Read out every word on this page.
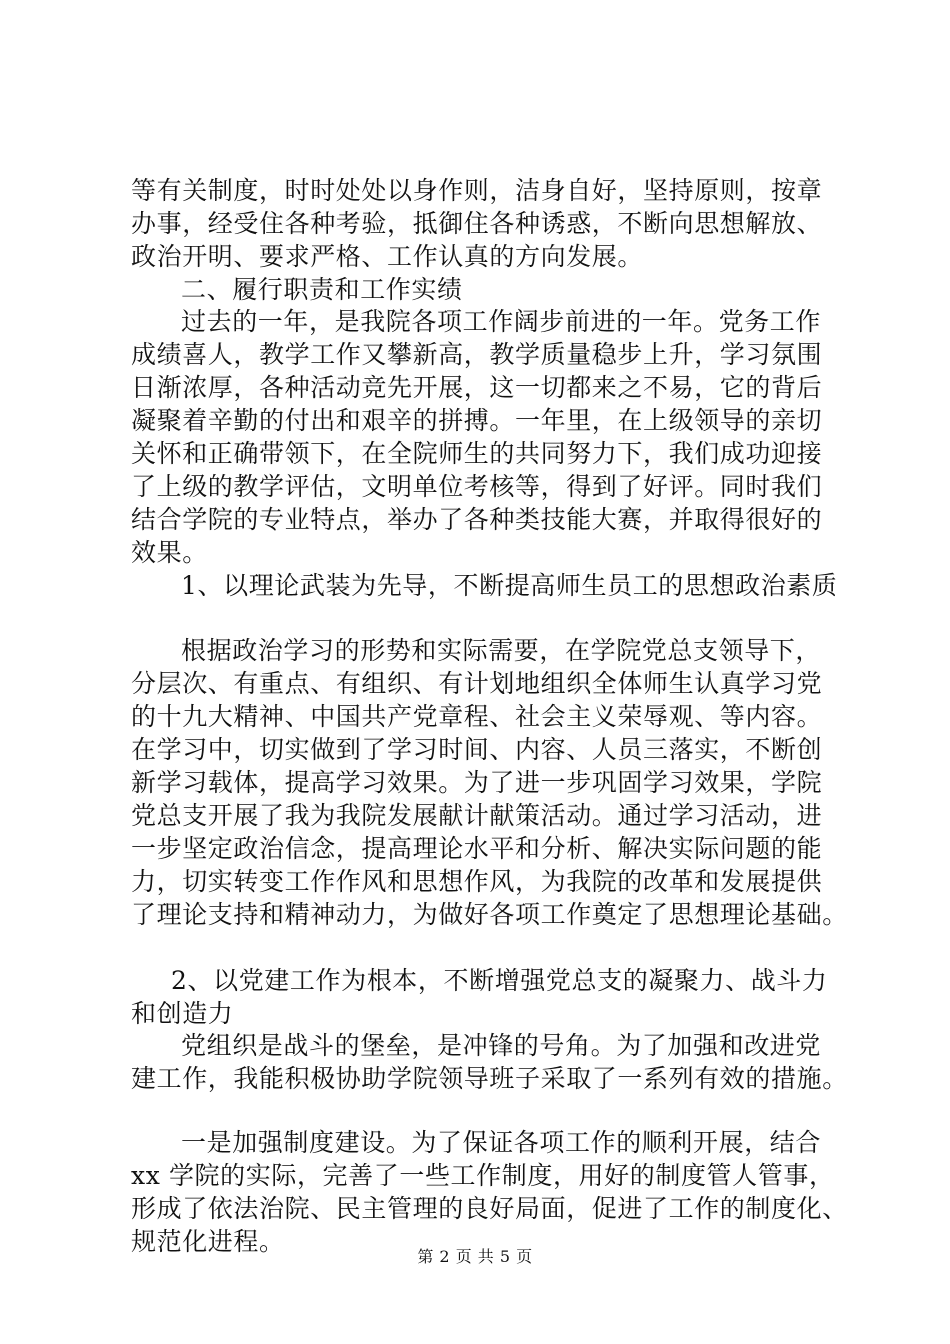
等有关制度，时时处处以身作则，洁身自好，坚持原则，按章
办事，经受住各种考验，抵御住各种诱惑，不断向思想解放、
政治开明、要求严格、工作认真的方向发展。
二、履行职责和工作实绩
过去的一年，是我院各项工作阔步前进的一年。党务工作
成绩喜人，教学工作又攀新高，教学质量稳步上升，学习氛围
日渐浓厚，各种活动竞先开展，这一切都来之不易，它的背后
凝聚着辛勤的付出和艰辛的拼搏。一年里，在上级领导的亲切
关怀和正确带领下，在全院师生的共同努力下，我们成功迎接
了上级的教学评估，文明单位考核等，得到了好评。同时我们
结合学院的专业特点，举办了各种类技能大赛，并取得很好的
效果。
1、以理论武装为先导，不断提高师生员工的思想政治素质
根据政治学习的形势和实际需要，在学院党总支领导下，
分层次、有重点、有组织、有计划地组织全体师生认真学习党
的十九大精神、中国共产党章程、社会主义荣辱观、等内容。
在学习中，切实做到了学习时间、内容、人员三落实，不断创
新学习载体，提高学习效果。为了进一步巩固学习效果，学院
党总支开展了我为我院发展献计献策活动。通过学习活动，进
一步坚定政治信念，提高理论水平和分析、解决实际问题的能
力，切实转变工作作风和思想作风，为我院的改革和发展提供
了理论支持和精神动力，为做好各项工作奠定了思想理论基础。
2、以党建工作为根本，不断增强党总支的凝聚力、战斗力
和创造力
党组织是战斗的堡垒，是冲锋的号角。为了加强和改进党
建工作，我能积极协助学院领导班子采取了一系列有效的措施。
一是加强制度建设。为了保证各项工作的顺利开展，结合
xx 学院的实际，完善了一些工作制度，用好的制度管人管事，
形成了依法治院、民主管理的良好局面，促进了工作的制度化、
规范化进程。
第 2 页 共 5 页
